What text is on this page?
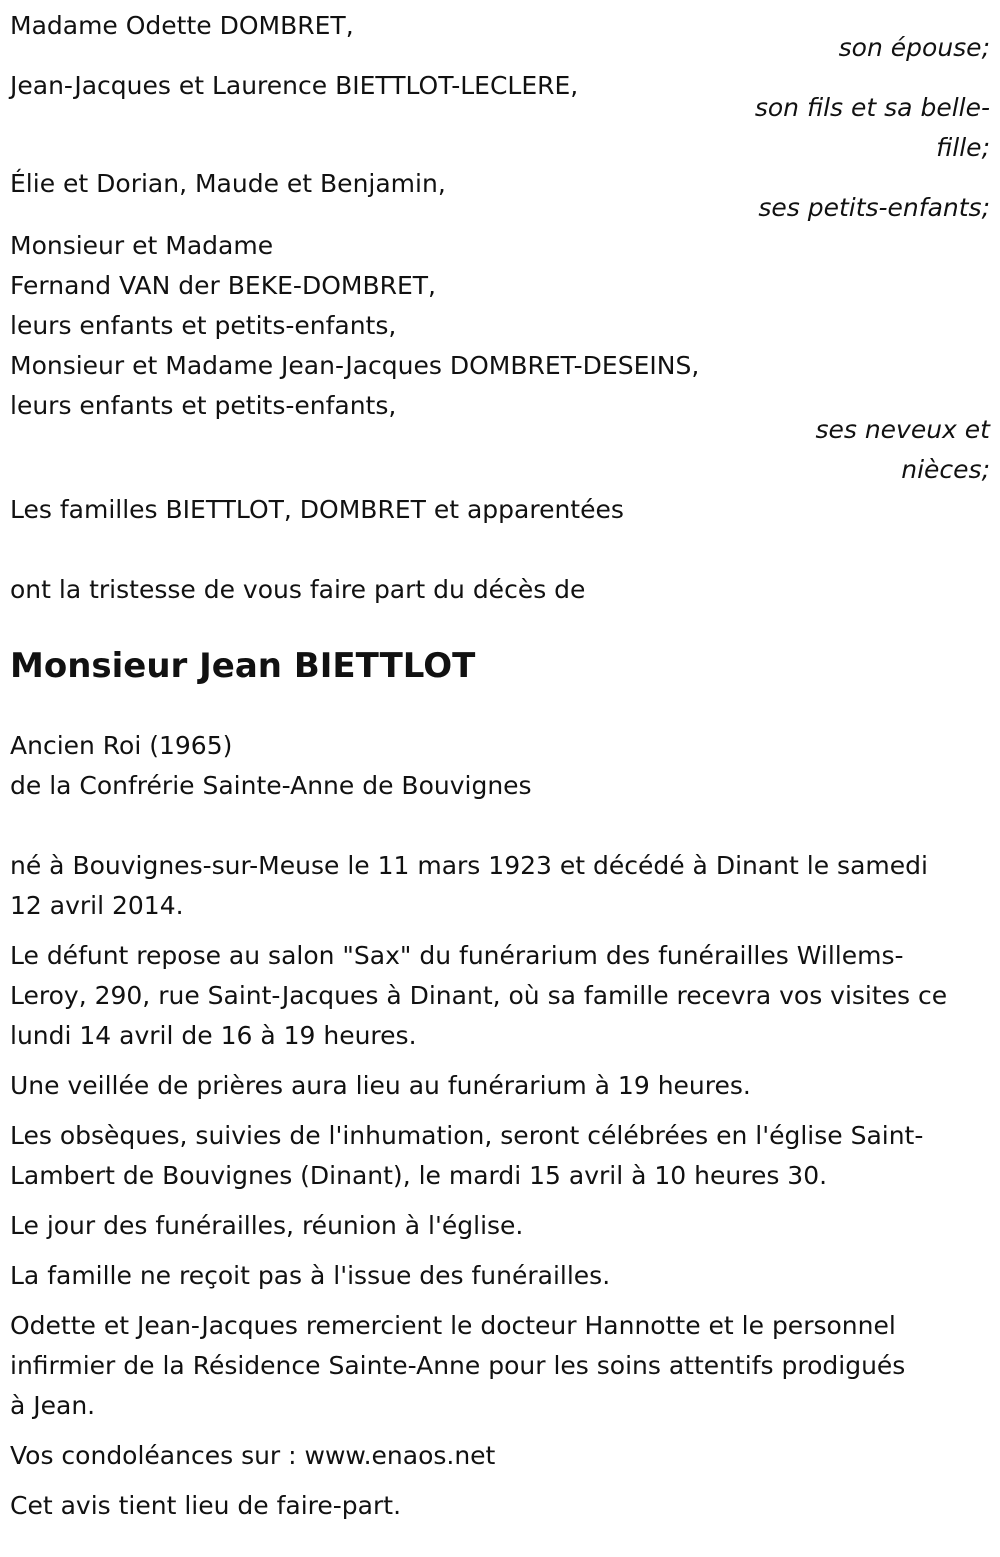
Madame Odette DOMBRET,

son épouse;

Jean-Jacques et Laurence BIETTLOT-LECLERE,

son fils et sa belle-

fille;

Élie et Dorian, Maude et Benjamin,

ses petits-enfants;

Monsieur et Madame

Fernand VAN der BEKE-DOMBRET,

leurs enfants et petits-enfants,

Monsieur et Madame Jean-Jacques DOMBRET-DESEINS,

leurs enfants et petits-enfants,

ses neveux et

nièces;

Les familles BIETTLOT, DOMBRET et apparentées

ont la tristesse de vous faire part du décès de

Monsieur Jean BIETTLOT

Ancien Roi (1965)

de la Confrérie Sainte-Anne de Bouvignes

né à Bouvignes-sur-Meuse le 11 mars 1923 et décédé à Dinant le samedi

12 avril 2014.

Le défunt repose au salon "Sax" du funérarium des funérailles Willems-

Leroy, 290, rue Saint-Jacques à Dinant, où sa famille recevra vos visites ce

lundi 14 avril de 16 à 19 heures.

Une veillée de prières aura lieu au funérarium à 19 heures.

Les obsèques, suivies de l'inhumation, seront célébrées en l'église Saint-

Lambert de Bouvignes (Dinant), le mardi 15 avril à 10 heures 30.

Le jour des funérailles, réunion à l'église.

La famille ne reçoit pas à l'issue des funérailles.

Odette et Jean-Jacques remercient le docteur Hannotte et le personnel

infirmier de la Résidence Sainte-Anne pour les soins attentifs prodigués

à Jean.

Vos condoléances sur : www.enaos.net

Cet avis tient lieu de faire-part.
